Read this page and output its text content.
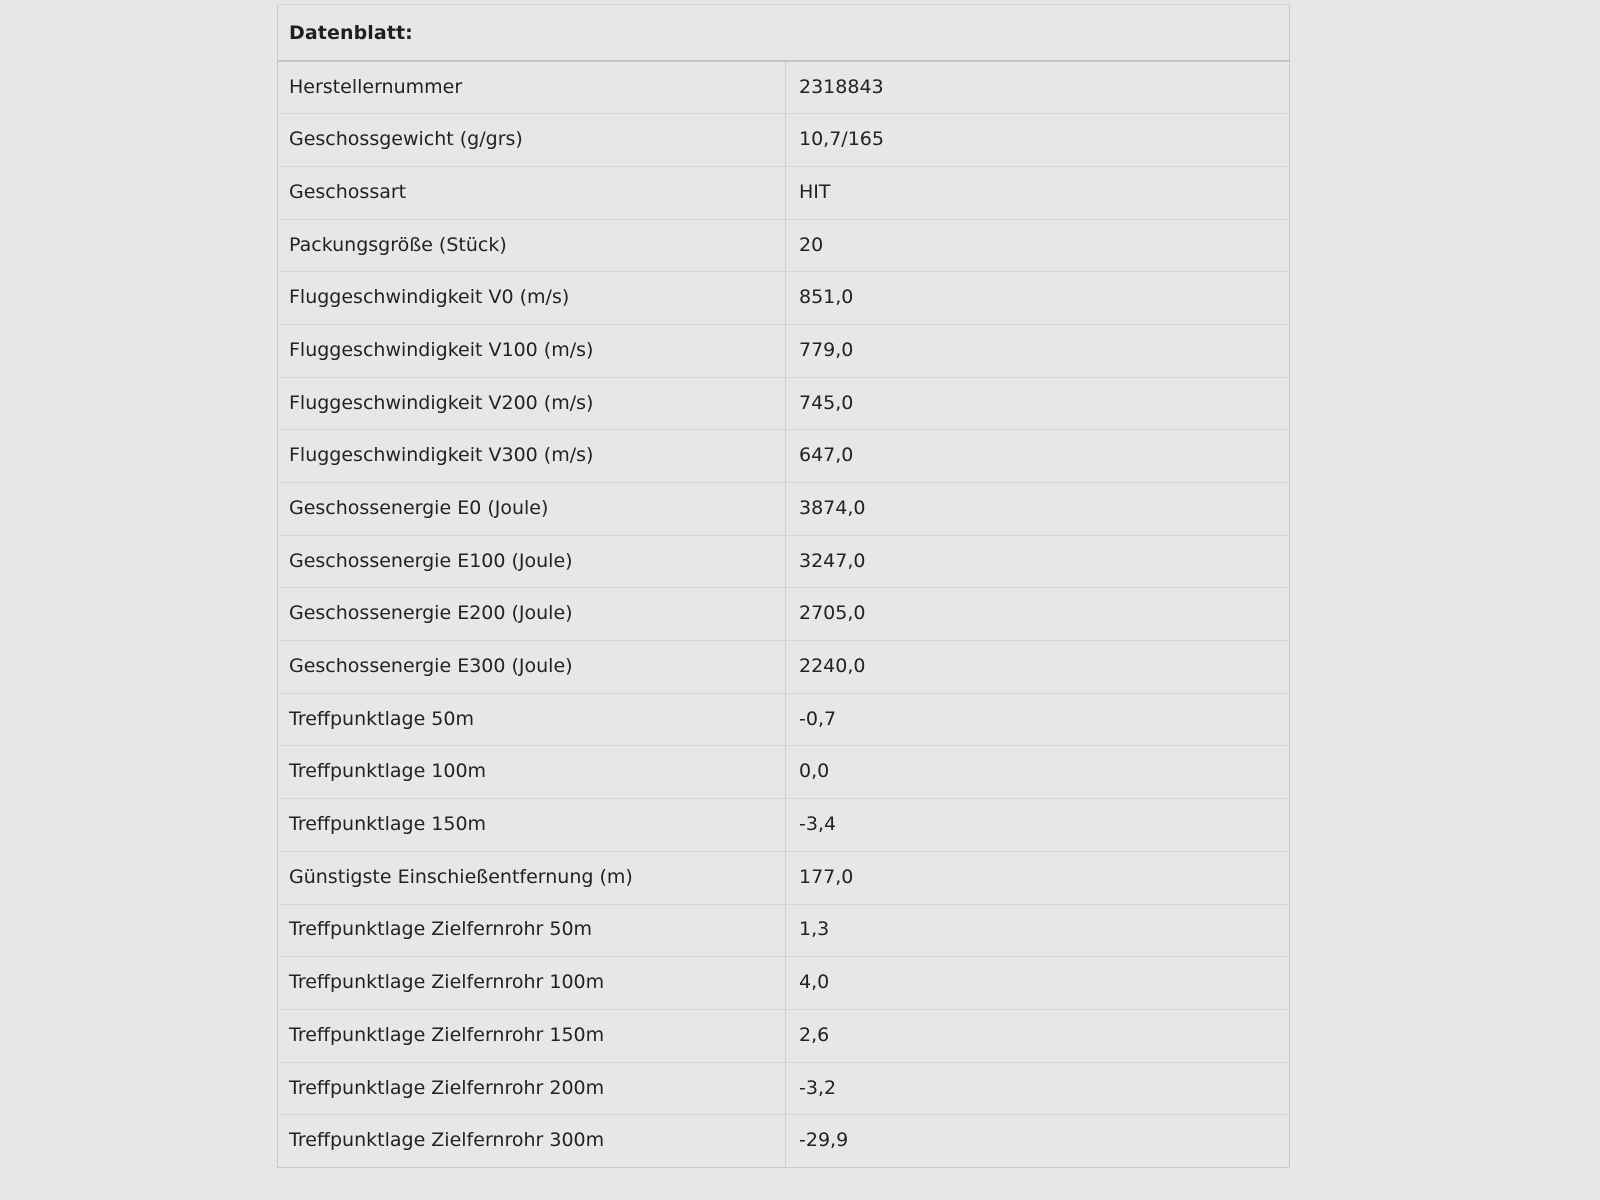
Datenblatt:	

Herstellernummer	2318843

Geschossgewicht (g/grs)	10,7/165

Geschossart	HIT

Packungsgröße (Stück)	20

Fluggeschwindigkeit V0 (m/s)	851,0

Fluggeschwindigkeit V100 (m/s)	779,0

Fluggeschwindigkeit V200 (m/s)	745,0

Fluggeschwindigkeit V300 (m/s)	647,0

Geschossenergie E0 (Joule)	3874,0

Geschossenergie E100 (Joule)	3247,0

Geschossenergie E200 (Joule)	2705,0

Geschossenergie E300 (Joule)	2240,0

Treffpunktlage 50m	-0,7

Treffpunktlage 100m	0,0

Treffpunktlage 150m	-3,4

Günstigste Einschießentfernung (m)	177,0

Treffpunktlage Zielfernrohr 50m	1,3

Treffpunktlage Zielfernrohr 100m	4,0

Treffpunktlage Zielfernrohr 150m	2,6

Treffpunktlage Zielfernrohr 200m	-3,2

Treffpunktlage Zielfernrohr 300m	-29,9
